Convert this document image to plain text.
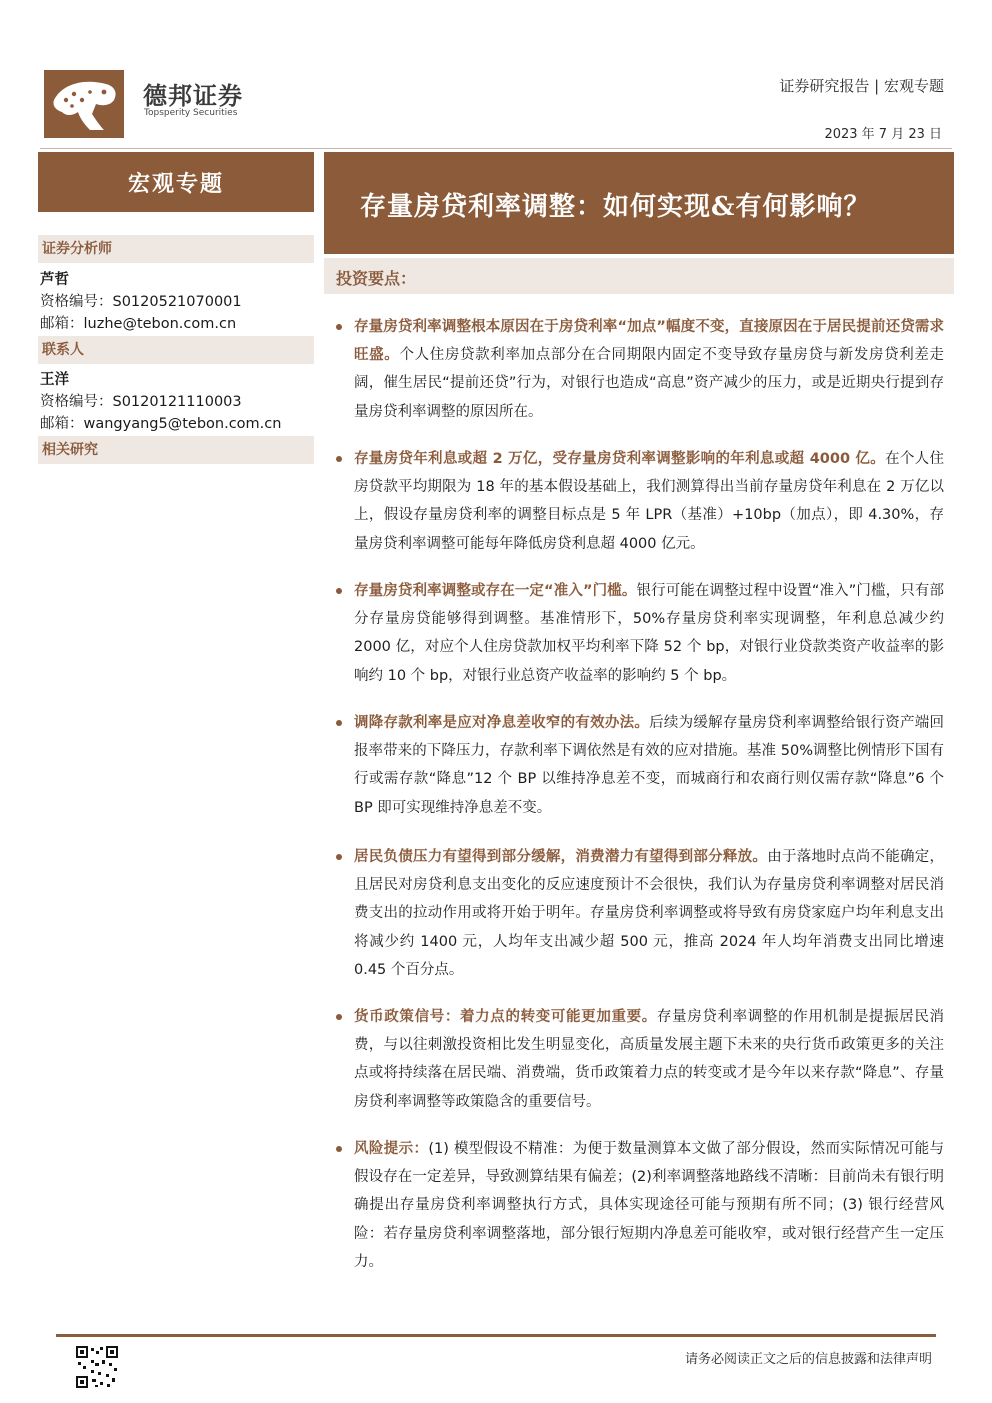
德邦证券
Topsperity Securities
证券研究报告 | 宏观专题
2023 年 7 月 23 日
宏观专题
证券分析师
芦哲
资格编号：S0120521070001
邮箱：luzhe@tebon.com.cn
联系人
王洋
资格编号：S0120121110003
邮箱：wangyang5@tebon.com.cn
相关研究
存量房贷利率调整：如何实现&有何影响？
投资要点：
存量房贷利率调整根本原因在于房贷利率“加点”幅度不变，直接原因在于居民提前还贷需求旺盛。个人住房贷款利率加点部分在合同期限内固定不变导致存量房贷与新发房贷利差走阔，催生居民“提前还贷”行为，对银行也造成“高息”资产减少的压力，或是近期央行提到存量房贷利率调整的原因所在。
存量房贷年利息或超 2 万亿，受存量房贷利率调整影响的年利息或超 4000 亿。在个人住房贷款平均期限为 18 年的基本假设基础上，我们测算得出当前存量房贷年利息在 2 万亿以上，假设存量房贷利率的调整目标点是 5 年 LPR（基准）+10bp（加点），即 4.30%，存量房贷利率调整可能每年降低房贷利息超 4000 亿元。
存量房贷利率调整或存在一定“准入”门槛。银行可能在调整过程中设置“准入”门槛，只有部分存量房贷能够得到调整。基准情形下，50%存量房贷利率实现调整，年利息总减少约 2000 亿，对应个人住房贷款加权平均利率下降 52 个 bp，对银行业贷款类资产收益率的影响约 10 个 bp，对银行业总资产收益率的影响约 5 个 bp。
调降存款利率是应对净息差收窄的有效办法。后续为缓解存量房贷利率调整给银行资产端回报率带来的下降压力，存款利率下调依然是有效的应对措施。基准 50%调整比例情形下国有行或需存款“降息”12 个 BP 以维持净息差不变，而城商行和农商行则仅需存款“降息”6 个 BP 即可实现维持净息差不变。
居民负债压力有望得到部分缓解，消费潜力有望得到部分释放。由于落地时点尚不能确定，且居民对房贷利息支出变化的反应速度预计不会很快，我们认为存量房贷利率调整对居民消费支出的拉动作用或将开始于明年。存量房贷利率调整或将导致有房贷家庭户均年利息支出将减少约 1400 元，人均年支出减少超 500 元，推高 2024 年人均年消费支出同比增速 0.45 个百分点。
货币政策信号：着力点的转变可能更加重要。存量房贷利率调整的作用机制是提振居民消费，与以往刺激投资相比发生明显变化，高质量发展主题下未来的央行货币政策更多的关注点或将持续落在居民端、消费端，货币政策着力点的转变或才是今年以来存款“降息”、存量房贷利率调整等政策隐含的重要信号。
风险提示：(1) 模型假设不精准：为便于数量测算本文做了部分假设，然而实际情况可能与假设存在一定差异，导致测算结果有偏差；(2)利率调整落地路线不清晰：目前尚未有银行明确提出存量房贷利率调整执行方式，具体实现途径可能与预期有所不同；(3) 银行经营风险：若存量房贷利率调整落地，部分银行短期内净息差可能收窄，或对银行经营产生一定压力。
请务必阅读正文之后的信息披露和法律声明
